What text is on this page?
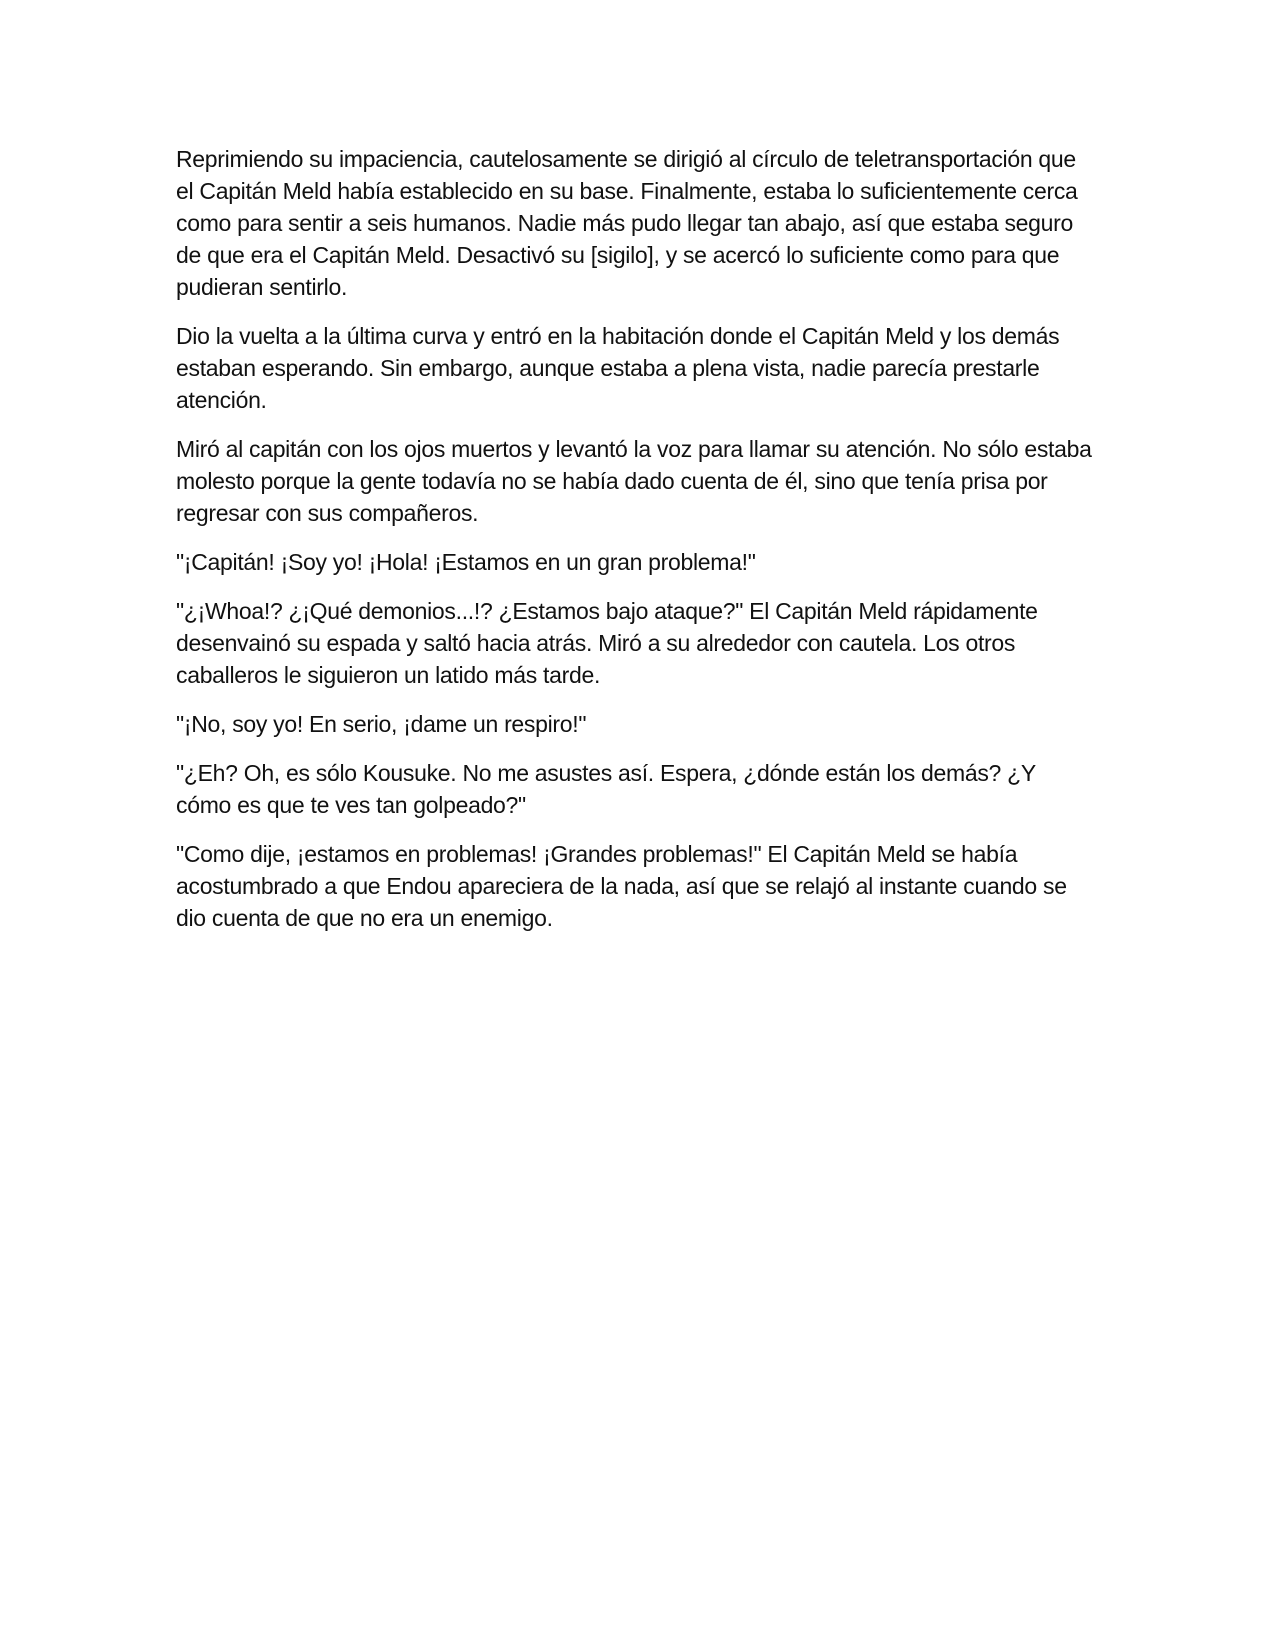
Reprimiendo su impaciencia, cautelosamente se dirigió al círculo de teletransportación que el Capitán Meld había establecido en su base. Finalmente, estaba lo suficientemente cerca como para sentir a seis humanos. Nadie más pudo llegar tan abajo, así que estaba seguro de que era el Capitán Meld. Desactivó su [sigilo], y se acercó lo suficiente como para que pudieran sentirlo.

Dio la vuelta a la última curva y entró en la habitación donde el Capitán Meld y los demás estaban esperando. Sin embargo, aunque estaba a plena vista, nadie parecía prestarle atención.

Miró al capitán con los ojos muertos y levantó la voz para llamar su atención. No sólo estaba molesto porque la gente todavía no se había dado cuenta de él, sino que tenía prisa por regresar con sus compañeros.

"¡Capitán! ¡Soy yo! ¡Hola! ¡Estamos en un gran problema!"

"¿¡Whoa!? ¿¡Qué demonios...!? ¿Estamos bajo ataque?" El Capitán Meld rápidamente desenvainó su espada y saltó hacia atrás. Miró a su alrededor con cautela. Los otros caballeros le siguieron un latido más tarde.

"¡No, soy yo! En serio, ¡dame un respiro!"

"¿Eh? Oh, es sólo Kousuke. No me asustes así. Espera, ¿dónde están los demás? ¿Y cómo es que te ves tan golpeado?"

"Como dije, ¡estamos en problemas! ¡Grandes problemas!" El Capitán Meld se había acostumbrado a que Endou apareciera de la nada, así que se relajó al instante cuando se dio cuenta de que no era un enemigo.
